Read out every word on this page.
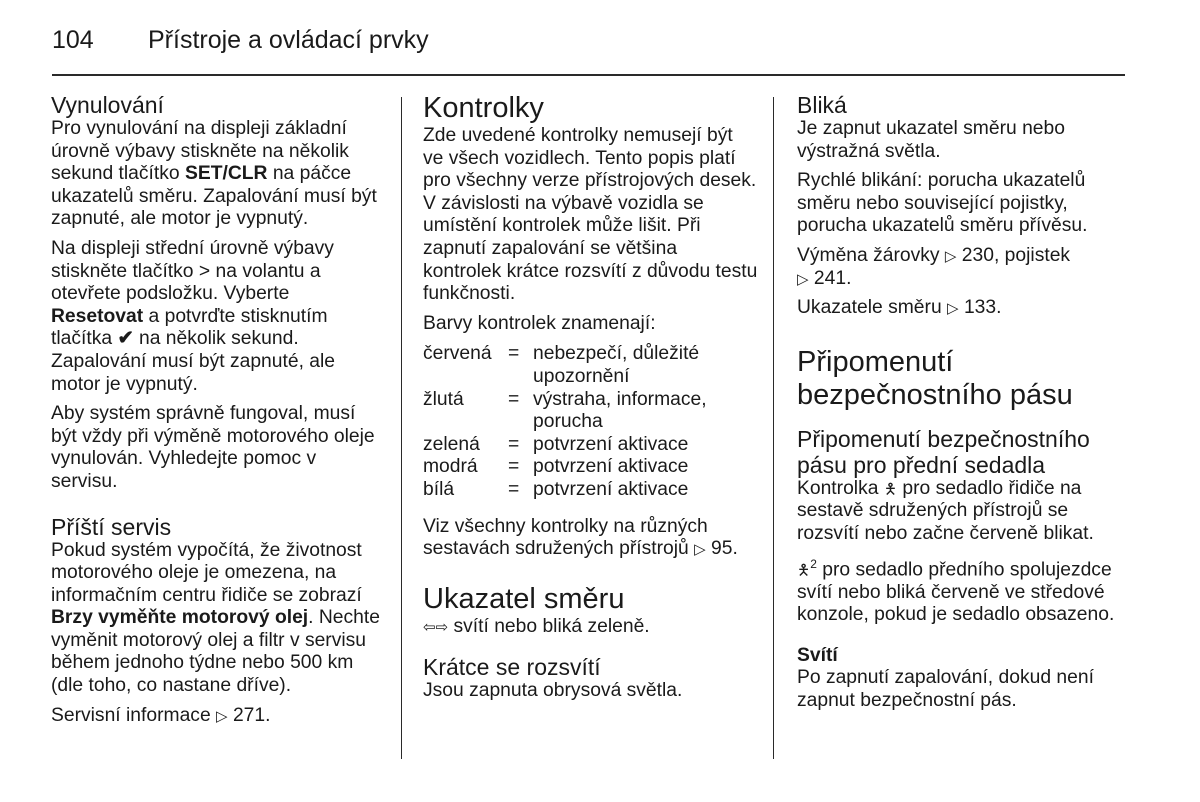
104 Přístroje a ovládací prvky
Vynulování

Pro vynulování na displeji základní úrovně výbavy stiskněte na několik sekund tlačítko SET/CLR na páčce ukazatelů směru. Zapalování musí být zapnuté, ale motor je vypnutý.

Na displeji střední úrovně výbavy stiskněte tlačítko > na volantu a otevřete podsložku. Vyberte Resetovat a potvrďte stisknutím tlačítka ✔ na několik sekund. Zapalování musí být zapnuté, ale motor je vypnutý.

Aby systém správně fungoval, musí být vždy při výměně motorového oleje vynulován. Vyhledejte pomoc v servisu.

Příští servis

Pokud systém vypočítá, že životnost motorového oleje je omezena, na informačním centru řidiče se zobrazí Brzy vyměňte motorový olej. Nechte vyměnit motorový olej a filtr v servisu během jednoho týdne nebo 500 km (dle toho, co nastane dříve).

Servisní informace ▷ 271.

Kontrolky

Zde uvedené kontrolky nemusejí být ve všech vozidlech. Tento popis platí pro všechny verze přístrojových desek. V závislosti na výbavě vozidla se umístění kontrolek může lišit. Při zapnutí zapalování se většina kontrolek krátce rozsvítí z důvodu testu funkčnosti.

Barvy kontrolek znamenají:

červená = nebezpečí, důležité upozornění
žlutá	= výstraha, informace, porucha
zelená	= potvrzení aktivace
modrá	= potvrzení aktivace
bílá	= potvrzení aktivace

Viz všechny kontrolky na různých sestavách sdružených přístrojů ▷ 95.

Ukazatel směru

⇦⇨ svítí nebo bliká zeleně.

Krátce se rozsvítí

Jsou zapnuta obrysová světla.

Bliká

Je zapnut ukazatel směru nebo výstražná světla.

Rychlé blikání: porucha ukazatelů směru nebo související pojistky, porucha ukazatelů směru přívěsu.

Výměna žárovky ▷ 230, pojistek
▷ 241.

Ukazatele směru ▷ 133.

Připomenutí
bezpečnostního pásu
Připomenutí bezpečnostního
pásu pro přední sedadla

Kontrolka 🯅 pro sedadlo řidiče na sestavě sdružených přístrojů se rozsvítí nebo začne červeně blikat.

🯅$^2$ pro sedadlo předního spolujezdce svítí nebo bliká červeně ve středové konzole, pokud je sedadlo obsazeno.

Svítí

Po zapnutí zapalování, dokud není zapnut bezpečnostní pás.
